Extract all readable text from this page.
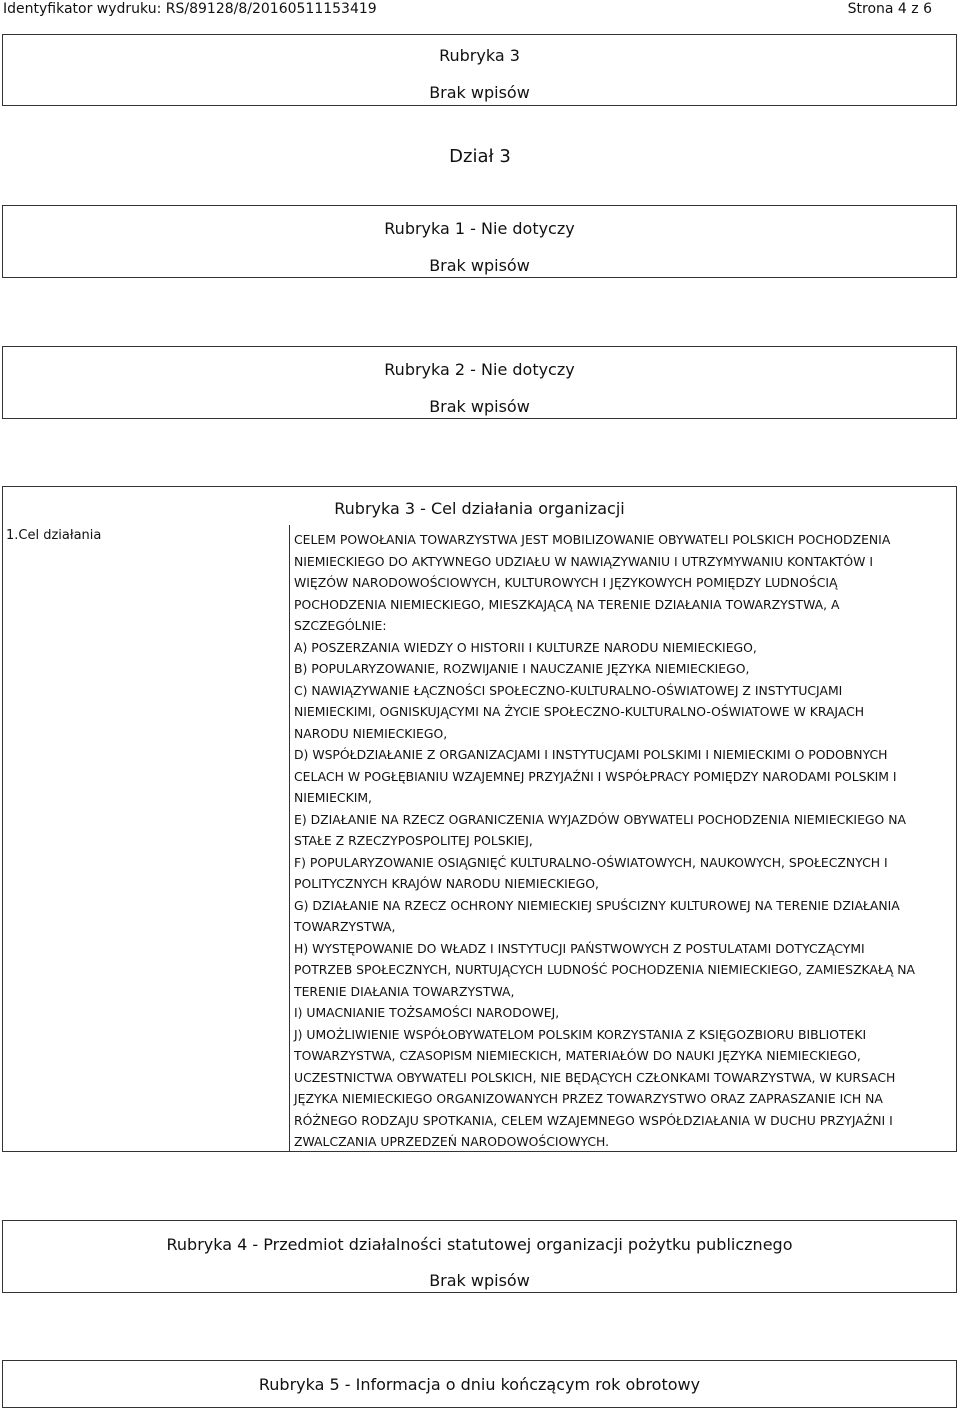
Identyfikator wydruku: RS/89128/8/20160511153419	Strona 4 z 6
Rubryka 3
Brak wpisów
Dział 3
Rubryka 1 - Nie dotyczy
Brak wpisów
Rubryka 2 - Nie dotyczy
Brak wpisów
Rubryka 3 - Cel działania organizacji
1.Cel działania	CELEM POWOŁANIA TOWARZYSTWA JEST MOBILIZOWANIE OBYWATELI POLSKICH POCHODZENIA
NIEMIECKIEGO DO AKTYWNEGO UDZIAŁU W NAWIĄZYWANIU I UTRZYMYWANIU KONTAKTÓW I
WIĘZÓW NARODOWOŚCIOWYCH, KULTUROWYCH I JĘZYKOWYCH POMIĘDZY LUDNOŚCIĄ
POCHODZENIA NIEMIECKIEGO, MIESZKAJĄCĄ NA TERENIE DZIAŁANIA TOWARZYSTWA, A
SZCZEGÓLNIE:
A) POSZERZANIA WIEDZY O HISTORII I KULTURZE NARODU NIEMIECKIEGO,
B) POPULARYZOWANIE, ROZWIJANIE I NAUCZANIE JĘZYKA NIEMIECKIEGO,
C) NAWIĄZYWANIE ŁĄCZNOŚCI SPOŁECZNO-KULTURALNO-OŚWIATOWEJ Z INSTYTUCJAMI
NIEMIECKIMI, OGNISKUJĄCYMI NA ŻYCIE SPOŁECZNO-KULTURALNO-OŚWIATOWE W KRAJACH
NARODU NIEMIECKIEGO,
D) WSPÓŁDZIAŁANIE Z ORGANIZACJAMI I INSTYTUCJAMI POLSKIMI I NIEMIECKIMI O PODOBNYCH
CELACH W POGŁĘBIANIU WZAJEMNEJ PRZYJAŹNI I WSPÓŁPRACY POMIĘDZY NARODAMI POLSKIM I
NIEMIECKIM,
E) DZIAŁANIE NA RZECZ OGRANICZENIA WYJAZDÓW OBYWATELI POCHODZENIA NIEMIECKIEGO NA
STAŁE Z RZECZYPOSPOLITEJ POLSKIEJ,
F) POPULARYZOWANIE OSIĄGNIĘĆ KULTURALNO-OŚWIATOWYCH, NAUKOWYCH, SPOŁECZNYCH I
POLITYCZNYCH KRAJÓW NARODU NIEMIECKIEGO,
G) DZIAŁANIE NA RZECZ OCHRONY NIEMIECKIEJ SPUŚCIZNY KULTUROWEJ NA TERENIE DZIAŁANIA
TOWARZYSTWA,
H) WYSTĘPOWANIE DO WŁADZ I INSTYTUCJI PAŃSTWOWYCH Z POSTULATAMI DOTYCZĄCYMI
POTRZEB SPOŁECZNYCH, NURTUJĄCYCH LUDNOŚĆ POCHODZENIA NIEMIECKIEGO, ZAMIESZKAŁĄ NA
TERENIE DIAŁANIA TOWARZYSTWA,
I) UMACNIANIE TOŻSAMOŚCI NARODOWEJ,
J) UMOŻLIWIENIE WSPÓŁOBYWATELOM POLSKIM KORZYSTANIA Z KSIĘGOZBIORU BIBLIOTEKI
TOWARZYSTWA, CZASOPISM NIEMIECKICH, MATERIAŁÓW DO NAUKI JĘZYKA NIEMIECKIEGO,
UCZESTNICTWA OBYWATELI POLSKICH, NIE BĘDĄCYCH CZŁONKAMI TOWARZYSTWA, W KURSACH
JĘZYKA NIEMIECKIEGO ORGANIZOWANYCH PRZEZ TOWARZYSTWO ORAZ ZAPRASZANIE ICH NA
RÓŻNEGO RODZAJU SPOTKANIA, CELEM WZAJEMNEGO WSPÓŁDZIAŁANIA W DUCHU PRZYJAŹNI I
ZWALCZANIA UPRZEDZEŃ NARODOWOŚCIOWYCH.
Rubryka 4 - Przedmiot działalności statutowej organizacji pożytku publicznego
Brak wpisów
Rubryka 5 - Informacja o dniu kończącym rok obrotowy
